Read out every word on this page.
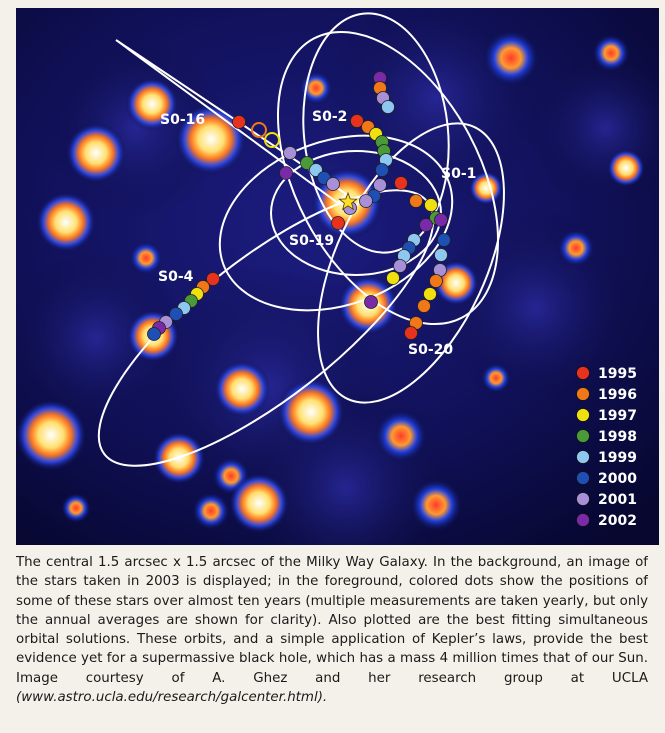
S0-16	S0-2
S0-1
S0-19
S0-4
S0-20
1995
1996
1997
1998
1999
2000
2001
2002
The central 1.5 arcsec x 1.5 arcsec of the Milky Way Galaxy. In the background, an image of the stars taken in 2003 is displayed; in the foreground, colored dots show the positions of some of these stars over almost ten years (multiple measurements are taken yearly, but only the annual averages are shown for clarity). Also plotted are the best fitting simultaneous orbital solutions. These orbits, and a simple application of Kepler’s laws, provide the best evidence yet for a supermassive black hole, which has a mass 4 million times that of our Sun. Image courtesy of A. Ghez and her research group at UCLA (www.astro.ucla.edu/research/galcenter.html).
